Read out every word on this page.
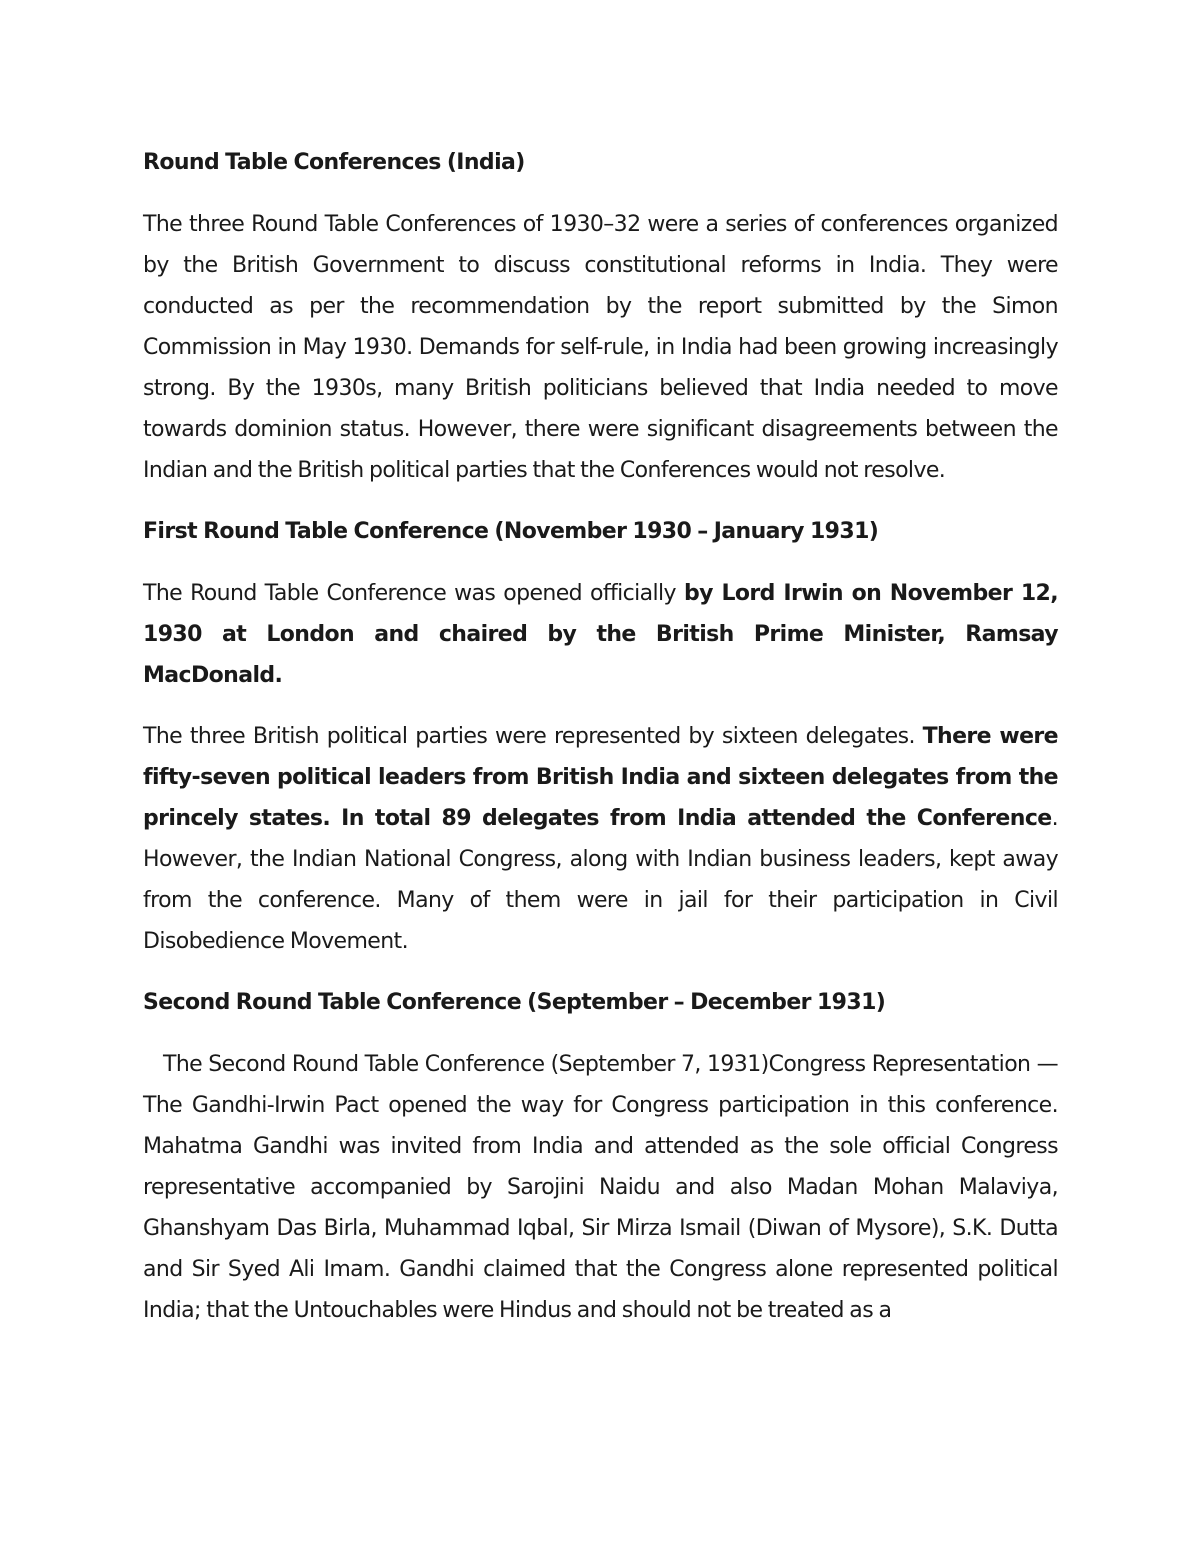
Round Table Conferences (India)

The three Round Table Conferences of 1930–32 were a series of conferences organized by the British Government to discuss constitutional reforms in India. They were conducted as per the recommendation by the report submitted by the Simon Commission in May 1930. Demands for self-rule, in India had been growing increasingly strong. By the 1930s, many British politicians believed that India needed to move towards dominion status. However, there were significant disagreements between the Indian and the British political parties that the Conferences would not resolve.

First Round Table Conference (November 1930 – January 1931)

The Round Table Conference was opened officially by Lord Irwin on November 12, 1930 at London and chaired by the British Prime Minister, Ramsay MacDonald.

The three British political parties were represented by sixteen delegates. There were fifty-seven political leaders from British India and sixteen delegates from the princely states. In total 89 delegates from India attended the Conference. However, the Indian National Congress, along with Indian business leaders, kept away from the conference. Many of them were in jail for their participation in Civil Disobedience Movement.

Second Round Table Conference (September – December 1931)

The Second Round Table Conference (September 7, 1931)Congress Representation — The Gandhi-Irwin Pact opened the way for Congress participation in this conference. Mahatma Gandhi was invited from India and attended as the sole official Congress representative accompanied by Sarojini Naidu and also Madan Mohan Malaviya, Ghanshyam Das Birla, Muhammad Iqbal, Sir Mirza Ismail (Diwan of Mysore), S.K. Dutta and Sir Syed Ali Imam. Gandhi claimed that the Congress alone represented political India; that the Untouchables were Hindus and should not be treated as a
